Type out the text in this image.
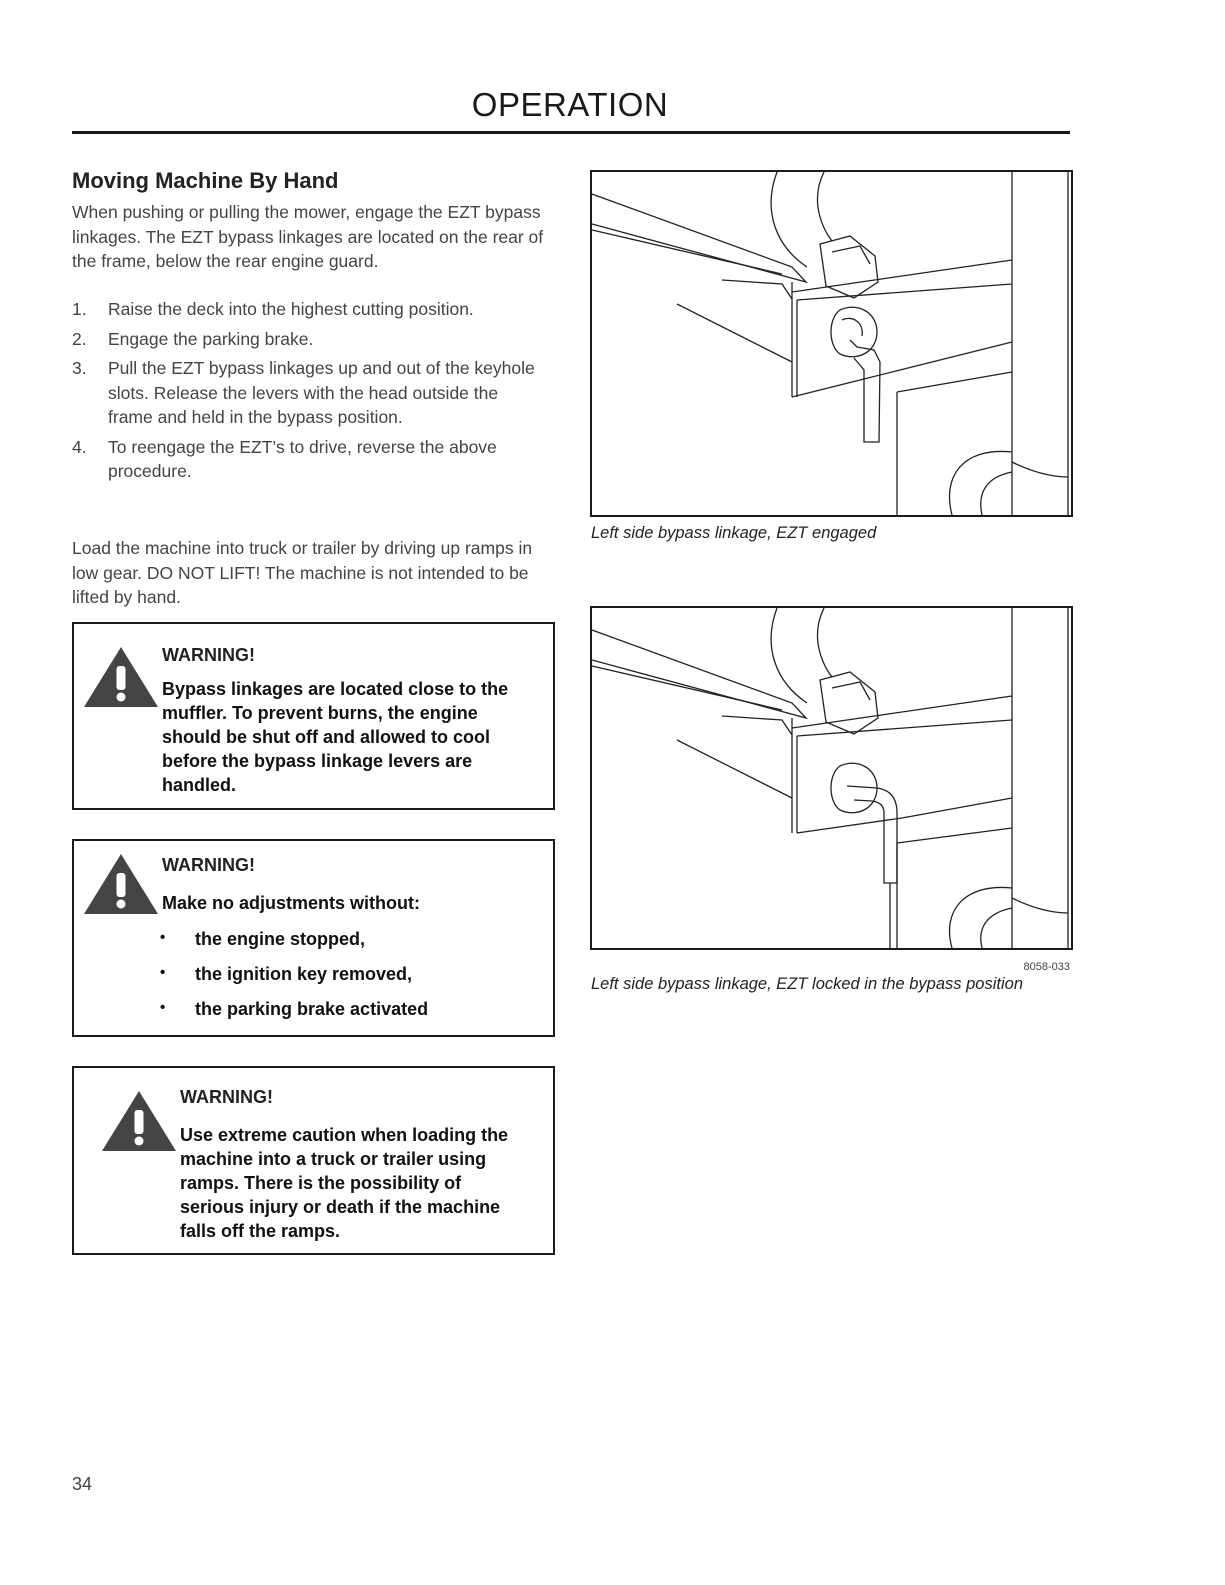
OPERATION
Moving Machine By Hand
When pushing or pulling the mower, engage the EZT bypass linkages. The EZT bypass linkages are located on the rear of the frame, below the rear engine guard.
1. Raise the deck into the highest cutting position.
2. Engage the parking brake.
3. Pull the EZT bypass linkages up and out of the keyhole slots. Release the levers with the head outside the frame and held in the bypass position.
4. To reengage the EZT’s to drive, reverse the above procedure.
Load the machine into truck or trailer by driving up ramps in low gear. DO NOT LIFT! The machine is not intended to be lifted by hand.
WARNING!
Bypass linkages are located close to the muffler. To prevent burns, the engine should be shut off and allowed to cool before the bypass linkage levers are handled.
WARNING!
Make no adjustments without:
• the engine stopped,
• the ignition key removed,
• the parking brake activated
WARNING!
Use extreme caution when loading the machine into a truck or trailer using ramps. There is the possibility of serious injury or death if the machine falls off the ramps.
Left side bypass linkage, EZT engaged
8058-033
Left side bypass linkage, EZT locked in the bypass position
34
